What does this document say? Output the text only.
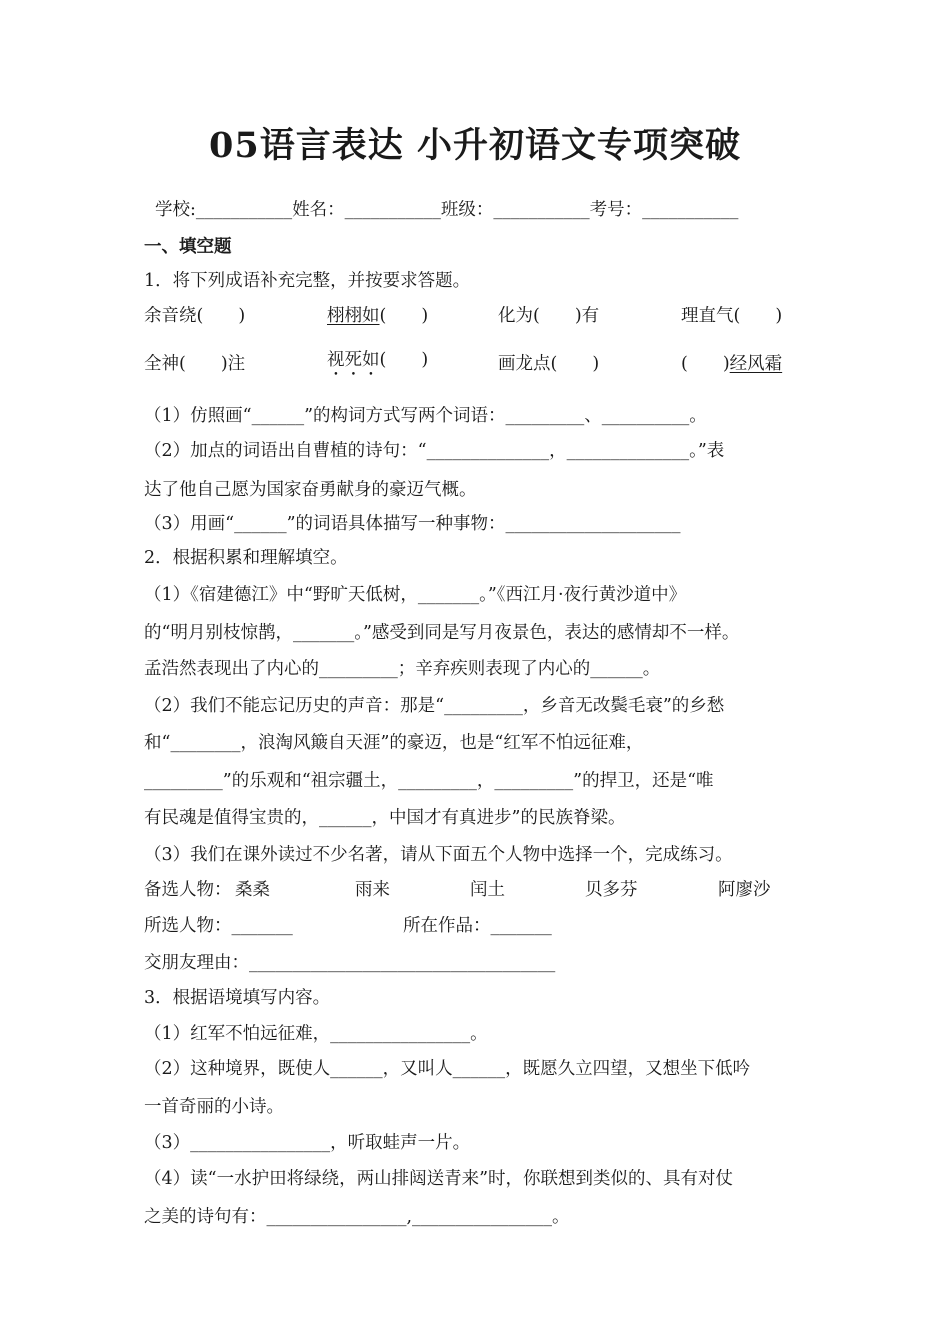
05语言表达 小升初语文专项突破
学校:___________姓名：___________班级：___________考号：___________
一、填空题
1．将下列成语补充完整，并按要求答题。
余音绕(　　)	栩栩如(　　)	化为(　　)有	理直气(　　)
全神(　　)注	视死如(　　)	画龙点(　　)	(　　)经风霜
（1）仿照画“______”的构词方式写两个词语：_________、__________。
（2）加点的词语出自曹植的诗句：“______________，______________。”表
达了他自己愿为国家奋勇献身的豪迈气概。
（3）用画“______”的词语具体描写一种事物：____________________
2．根据积累和理解填空。
（1）《宿建德江》中“野旷天低树，_______。”《西江月·夜行黄沙道中》
的“明月别枝惊鹊，_______。”感受到同是写月夜景色，表达的感情却不一样。
孟浩然表现出了内心的_________；辛弃疾则表现了内心的______。
（2）我们不能忘记历史的声音：那是“_________，乡音无改鬓毛衰”的乡愁
和“________，浪淘风簸自天涯”的豪迈，也是“红军不怕远征难，
_________”的乐观和“祖宗疆土，_________，_________”的捍卫，还是“唯
有民魂是值得宝贵的，______，中国才有真进步”的民族脊梁。
（3）我们在课外读过不少名著，请从下面五个人物中选择一个，完成练习。
备选人物： 桑桑	雨来	闰土	贝多芬	阿廖沙
所选人物：_______	所在作品：_______
交朋友理由：___________________________________
3．根据语境填写内容。
（1）红军不怕远征难，________________。
（2）这种境界，既使人______，又叫人______，既愿久立四望，又想坐下低吟
一首奇丽的小诗。
（3）________________，听取蛙声一片。
（4）读“一水护田将绿绕，两山排闼送青来”时，你联想到类似的、具有对仗
之美的诗句有：________________,________________。
